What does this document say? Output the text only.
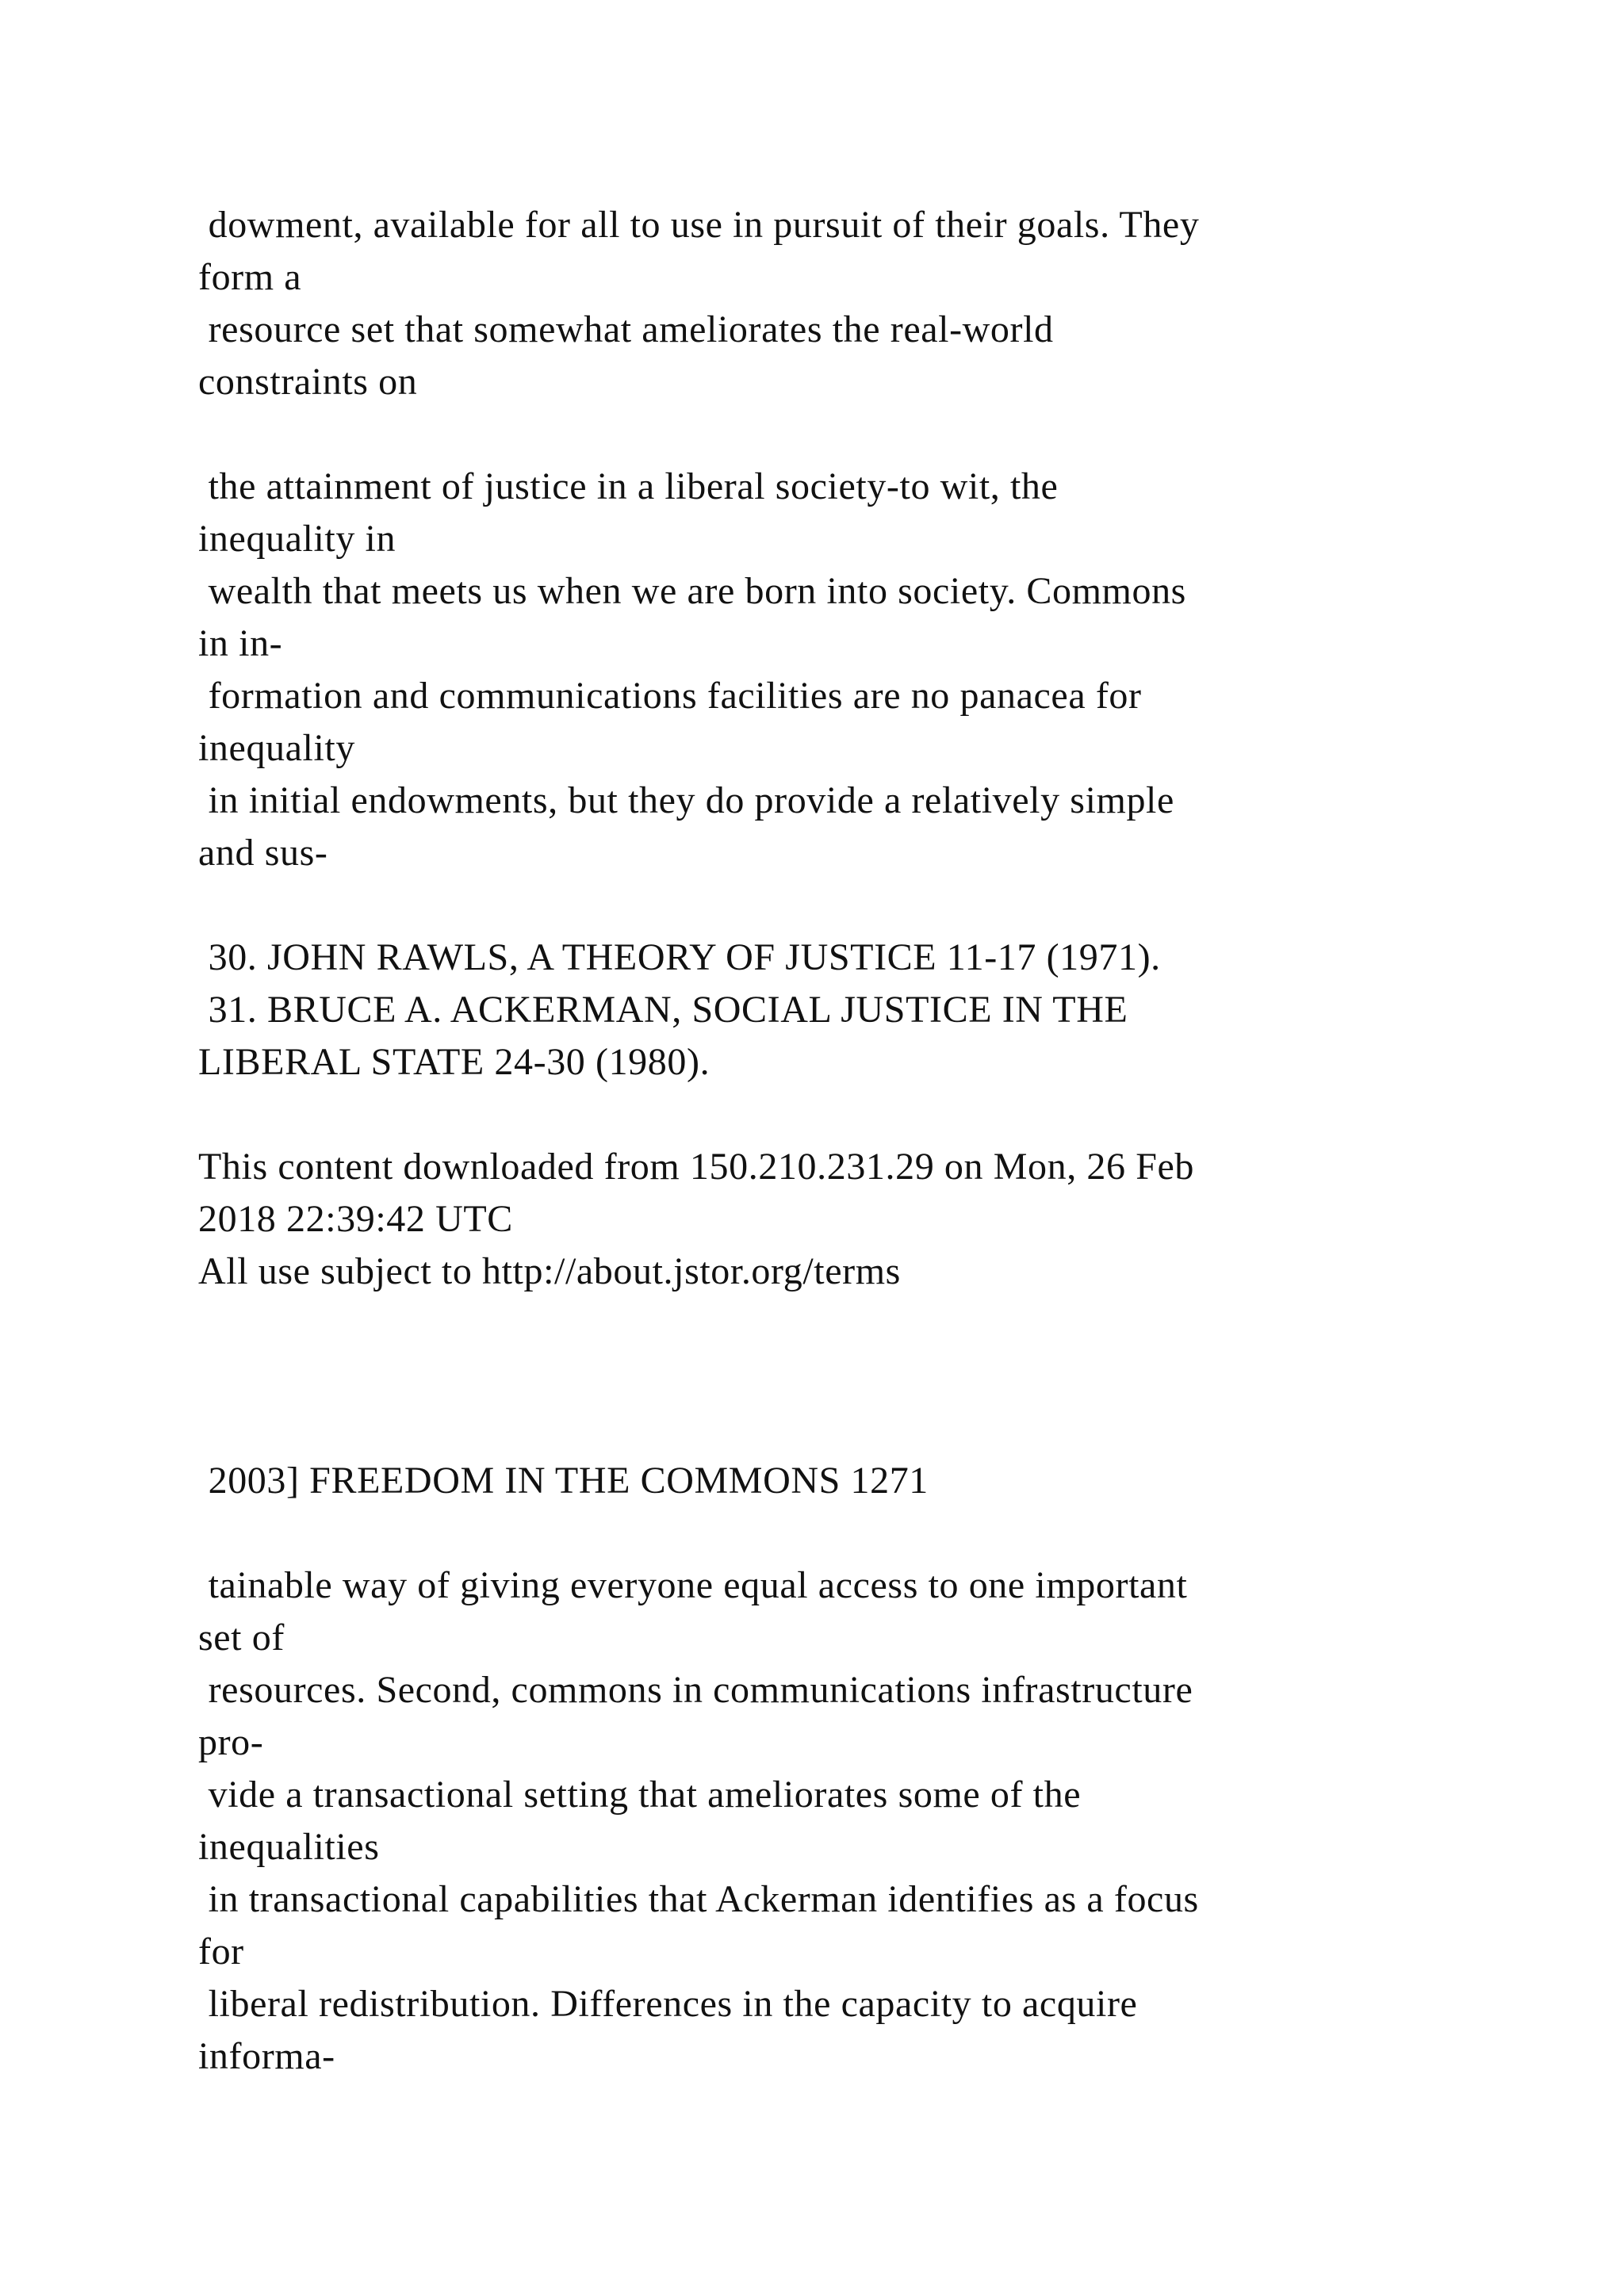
dowment, available for all to use in pursuit of their goals. They

form a

resource set that somewhat ameliorates the real-world

constraints on

the attainment of justice in a liberal society-to wit, the

inequality in

wealth that meets us when we are born into society. Commons

in in-

formation and communications facilities are no panacea for

inequality

in initial endowments, but they do provide a relatively simple

and sus-

30. JOHN RAWLS, A THEORY OF JUSTICE 11-17 (1971).

31. BRUCE A. ACKERMAN, SOCIAL JUSTICE IN THE

LIBERAL STATE 24-30 (1980).

This content downloaded from 150.210.231.29 on Mon, 26 Feb

2018 22:39:42 UTC

All use subject to http://about.jstor.org/terms

2003] FREEDOM IN THE COMMONS 1271

tainable way of giving everyone equal access to one important

set of

resources. Second, commons in communications infrastructure

pro-

vide a transactional setting that ameliorates some of the

inequalities

in transactional capabilities that Ackerman identifies as a focus

for

liberal redistribution. Differences in the capacity to acquire

informa-
